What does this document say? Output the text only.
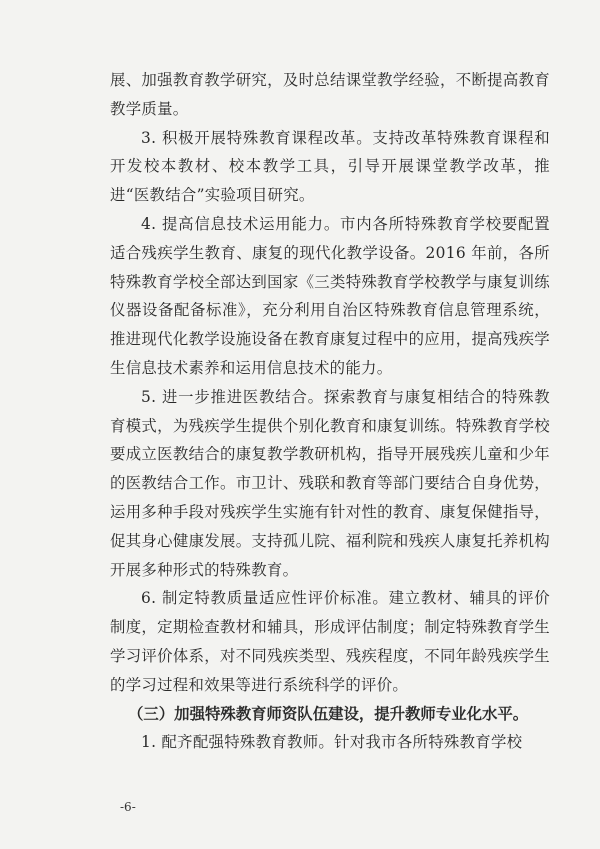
展、加强教育教学研究，及时总结课堂教学经验，不断提高教育教学质量。

3. 积极开展特殊教育课程改革。支持改革特殊教育课程和开发校本教材、校本教学工具，引导开展课堂教学改革，推进“医教结合”实验项目研究。

4. 提高信息技术运用能力。市内各所特殊教育学校要配置适合残疾学生教育、康复的现代化教学设备。2016 年前，各所特殊教育学校全部达到国家《三类特殊教育学校教学与康复训练仪器设备配备标准》，充分利用自治区特殊教育信息管理系统，推进现代化教学设施设备在教育康复过程中的应用，提高残疾学生信息技术素养和运用信息技术的能力。

5. 进一步推进医教结合。探索教育与康复相结合的特殊教育模式，为残疾学生提供个别化教育和康复训练。特殊教育学校要成立医教结合的康复教学教研机构，指导开展残疾儿童和少年的医教结合工作。市卫计、残联和教育等部门要结合自身优势，运用多种手段对残疾学生实施有针对性的教育、康复保健指导，促其身心健康发展。支持孤儿院、福利院和残疾人康复托养机构开展多种形式的特殊教育。

6. 制定特教质量适应性评价标准。建立教材、辅具的评价制度，定期检查教材和辅具，形成评估制度；制定特殊教育学生学习评价体系，对不同残疾类型、残疾程度，不同年龄残疾学生的学习过程和效果等进行系统科学的评价。

（三）加强特殊教育师资队伍建设，提升教师专业化水平。

1. 配齐配强特殊教育教师。针对我市各所特殊教育学校

-6-
